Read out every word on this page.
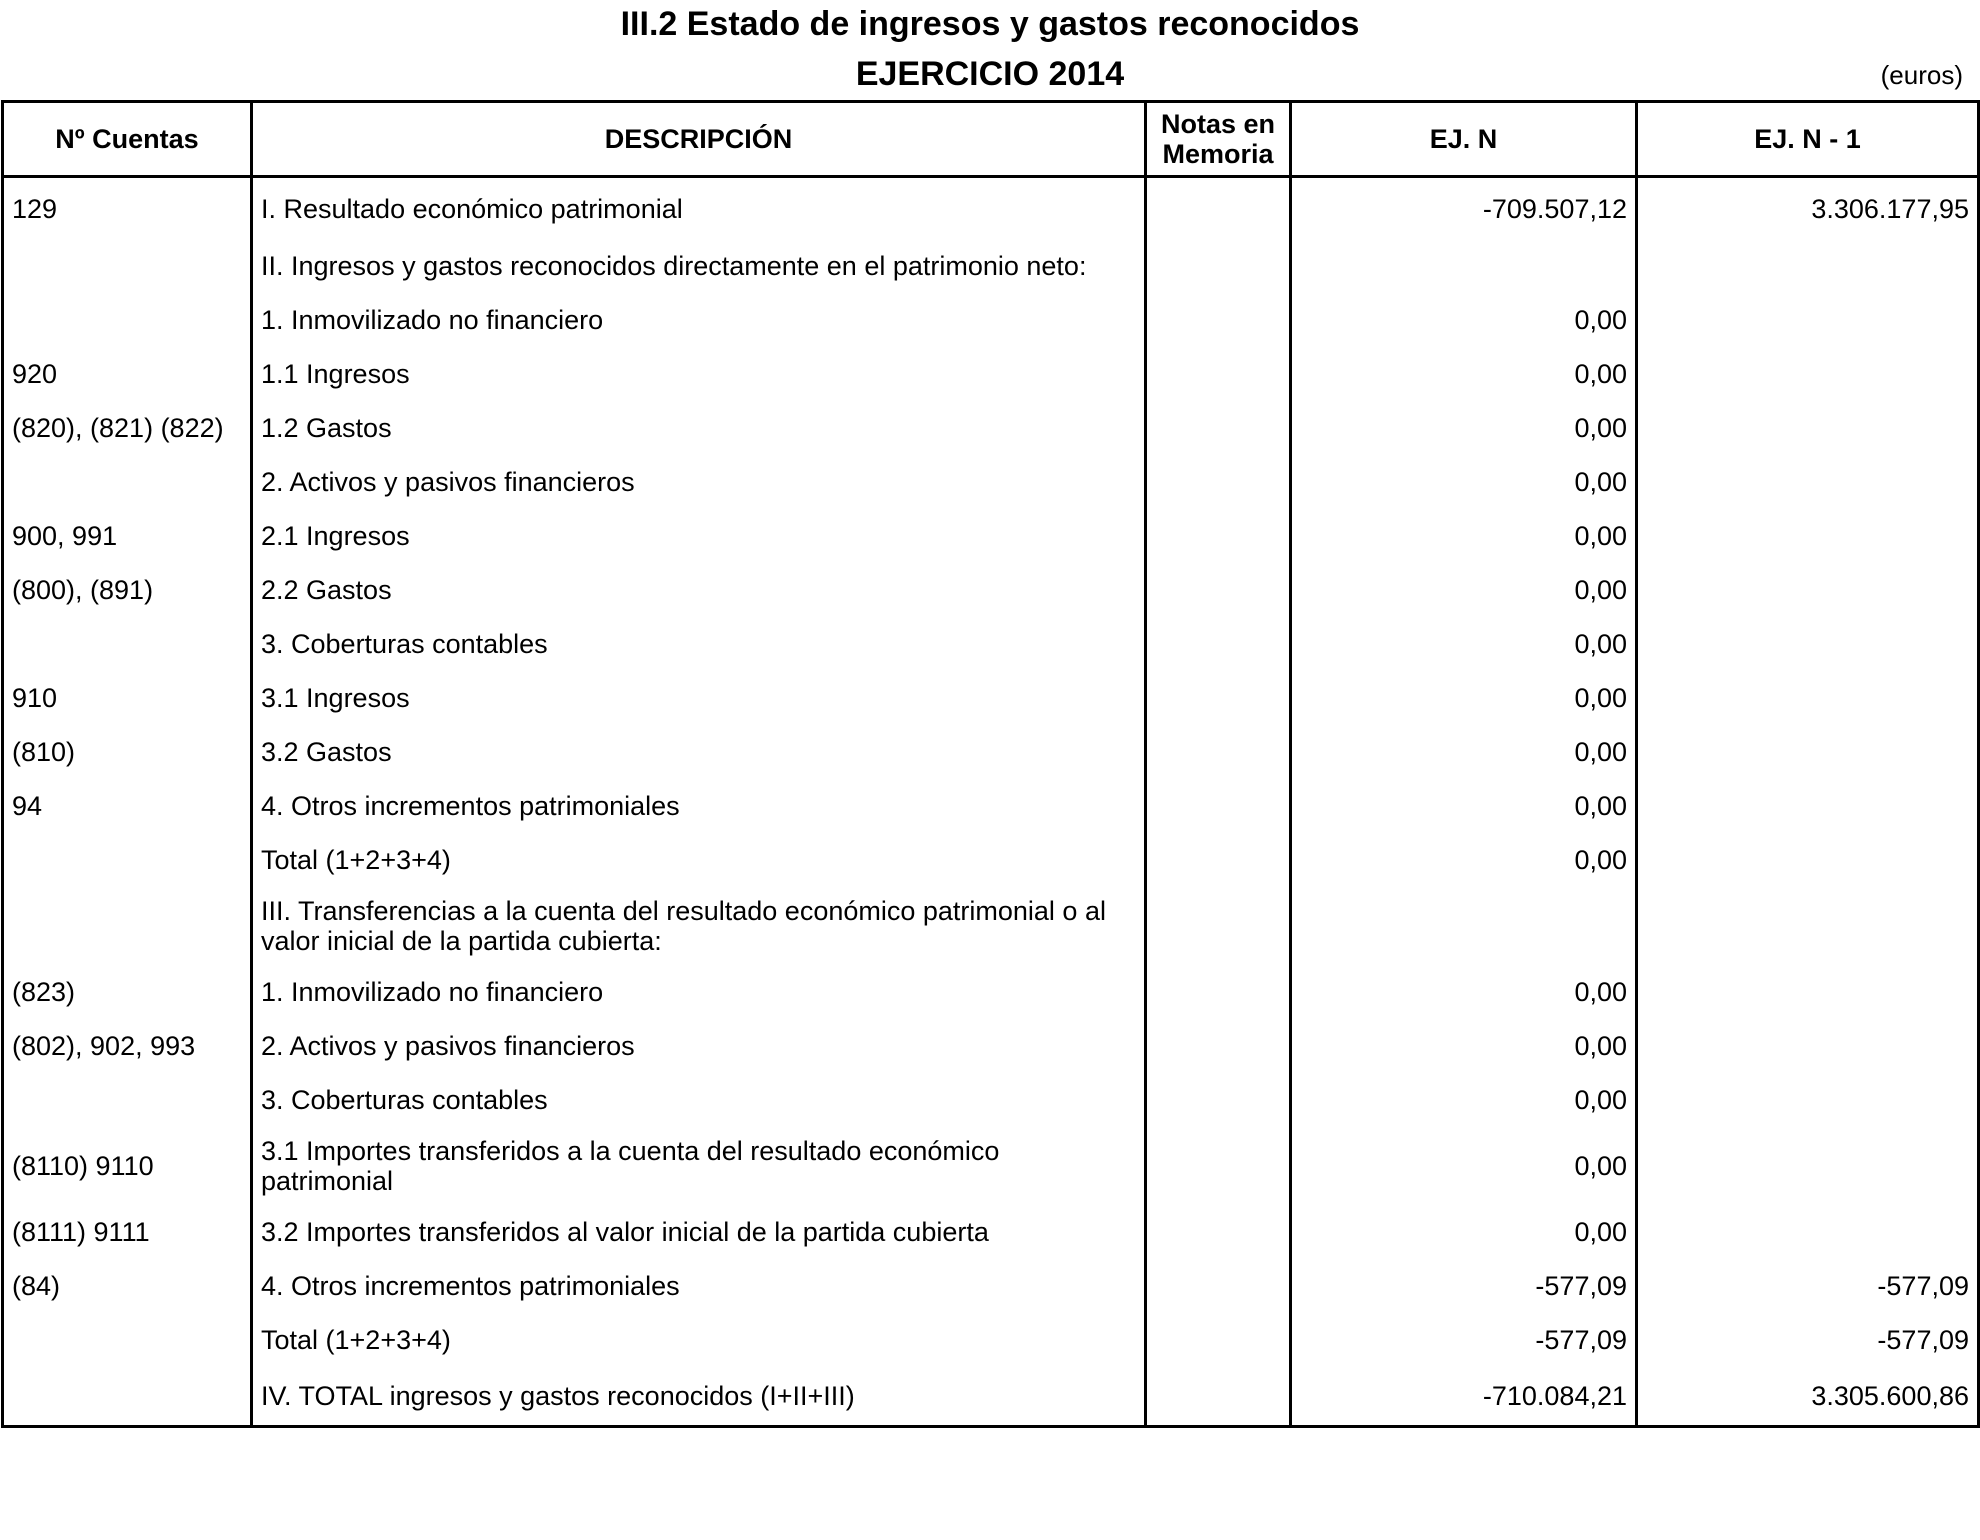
III.2 Estado de ingresos y gastos reconocidos
EJERCICIO 2014	(euros)
Nº Cuentas	DESCRIPCIÓN	Notas en Memoria	EJ. N	EJ. N - 1
129	I. Resultado económico patrimonial		-709.507,12	3.306.177,95
	II. Ingresos y gastos reconocidos directamente en el patrimonio neto:			
	1. Inmovilizado no financiero		0,00	
920	1.1 Ingresos		0,00	
(820), (821) (822)	1.2 Gastos		0,00	
	2. Activos y pasivos financieros		0,00	
900, 991	2.1 Ingresos		0,00	
(800), (891)	2.2 Gastos		0,00	
	3. Coberturas contables		0,00	
910	3.1 Ingresos		0,00	
(810)	3.2 Gastos		0,00	
94	4. Otros incrementos patrimoniales		0,00	
	Total (1+2+3+4)		0,00	
	III. Transferencias a la cuenta del resultado económico patrimonial o al valor inicial de la partida cubierta:			
(823)	1. Inmovilizado no financiero		0,00	
(802), 902, 993	2. Activos y pasivos financieros		0,00	
	3. Coberturas contables		0,00	
(8110) 9110	3.1 Importes transferidos a la cuenta del resultado económico patrimonial		0,00	
(8111) 9111	3.2 Importes transferidos al valor inicial de la partida cubierta		0,00	
(84)	4. Otros incrementos patrimoniales		-577,09	-577,09
	Total (1+2+3+4)		-577,09	-577,09
	IV. TOTAL ingresos y gastos reconocidos (I+II+III)		-710.084,21	3.305.600,86
